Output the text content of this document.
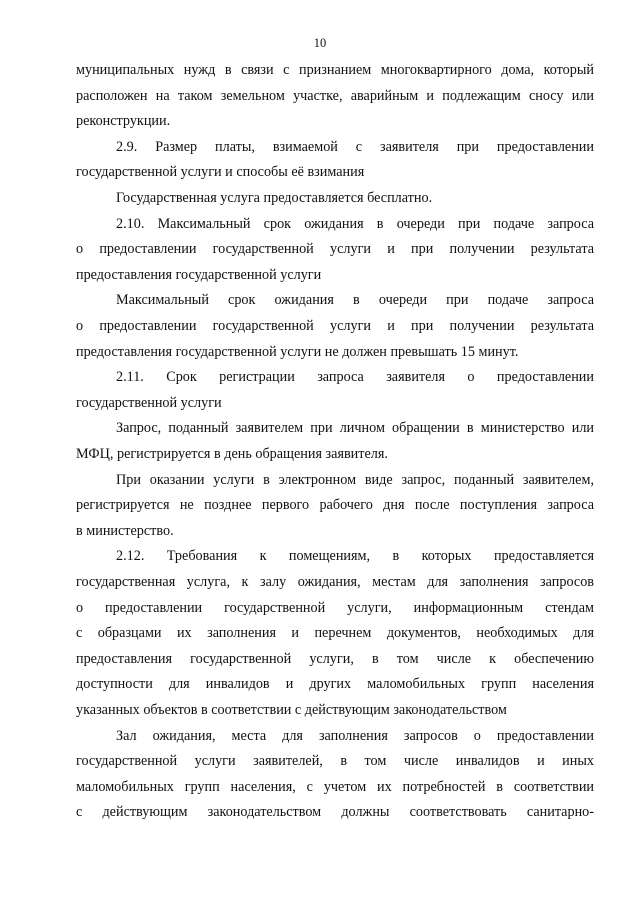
10
муниципальных нужд в связи с признанием многоквартирного дома, который
расположен на таком земельном участке, аварийным и подлежащим сносу или
реконструкции.
2.9. Размер платы, взимаемой с заявителя при предоставлении
государственной услуги и способы её взимания
Государственная услуга предоставляется бесплатно.
2.10. Максимальный срок ожидания в очереди при подаче запроса
о предоставлении государственной услуги и при получении результата
предоставления государственной услуги
Максимальный срок ожидания в очереди при подаче запроса
о предоставлении государственной услуги и при получении результата
предоставления государственной услуги не должен превышать 15 минут.
2.11. Срок регистрации запроса заявителя о предоставлении
государственной услуги
Запрос, поданный заявителем при личном обращении в министерство или
МФЦ, регистрируется в день обращения заявителя.
При оказании услуги в электронном виде запрос, поданный заявителем,
регистрируется не позднее первого рабочего дня после поступления запроса
в министерство.
2.12. Требования к помещениям, в которых предоставляется
государственная услуга, к залу ожидания, местам для заполнения запросов
о предоставлении государственной услуги, информационным стендам
с образцами их заполнения и перечнем документов, необходимых для
предоставления государственной услуги, в том числе к обеспечению
доступности для инвалидов и других маломобильных групп населения
указанных объектов в соответствии с действующим законодательством
Зал ожидания, места для заполнения запросов о предоставлении
государственной услуги заявителей, в том числе инвалидов и иных
маломобильных групп населения, с учетом их потребностей в соответствии
с действующим законодательством должны соответствовать санитарно-
